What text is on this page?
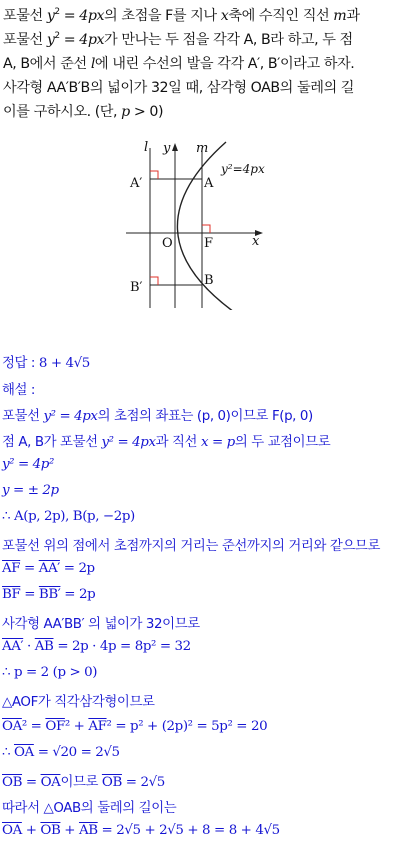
포물선 $y^2 = 4px$의 초점을 F를 지나 x축에 수직인 직선 m과
포물선 $y^2 = 4px$가 만나는 두 점을 각각 A, B라 하고, 두 점
A, B에서 준선 l에 내린 수선의 발을 각각 A′, B′이라고 하자.
사각형 AA′B′B의 넓이가 32일 때, 삼각형 OAB의 둘레의 길
이를 구하시오. (단, p > 0)
l y m
y²=4px
A′	A
O F	x
B′	B
정답 : 8 + 4√5
해설 :
포물선 y² = 4px의 초점의 좌표는 (p, 0)이므로 F(p, 0)
점 A, B가 포물선 y² = 4px과 직선 x = p의 두 교점이므로
y² = 4p²
y = ± 2p
∴ A(p, 2p), B(p, −2p)
포물선 위의 점에서 초점까지의 거리는 준선까지의 거리와 같으므로
$\overline{AF} = AA' = 2p$
$\overline{BF} = BB' = 2p$
사각형 AA′BB′ 의 넓이가 32이므로
$AA' \cdot \overline{AB} = 2p \cdot 4p = 8p^2 = 32$
∴ p = 2 (p > 0)
△AOF가 직각삼각형이므로
$\overline{OA}^2 = \overline{OF}^2 + \overline{AF}^2 = p^2 + (2p)^2 = 5p^2 = 20$
∴ $\overline{OA} = √20 = 2√5$
$\overline{OB} = \overline{OA}$이므로 $\overline{OB} = 2√5$
따라서 △OAB의 둘레의 길이는
$\overline{OA} + \overline{OB} + \overline{AB} = 2√5 + 2√5 + 8 = 8 + 4√5$
